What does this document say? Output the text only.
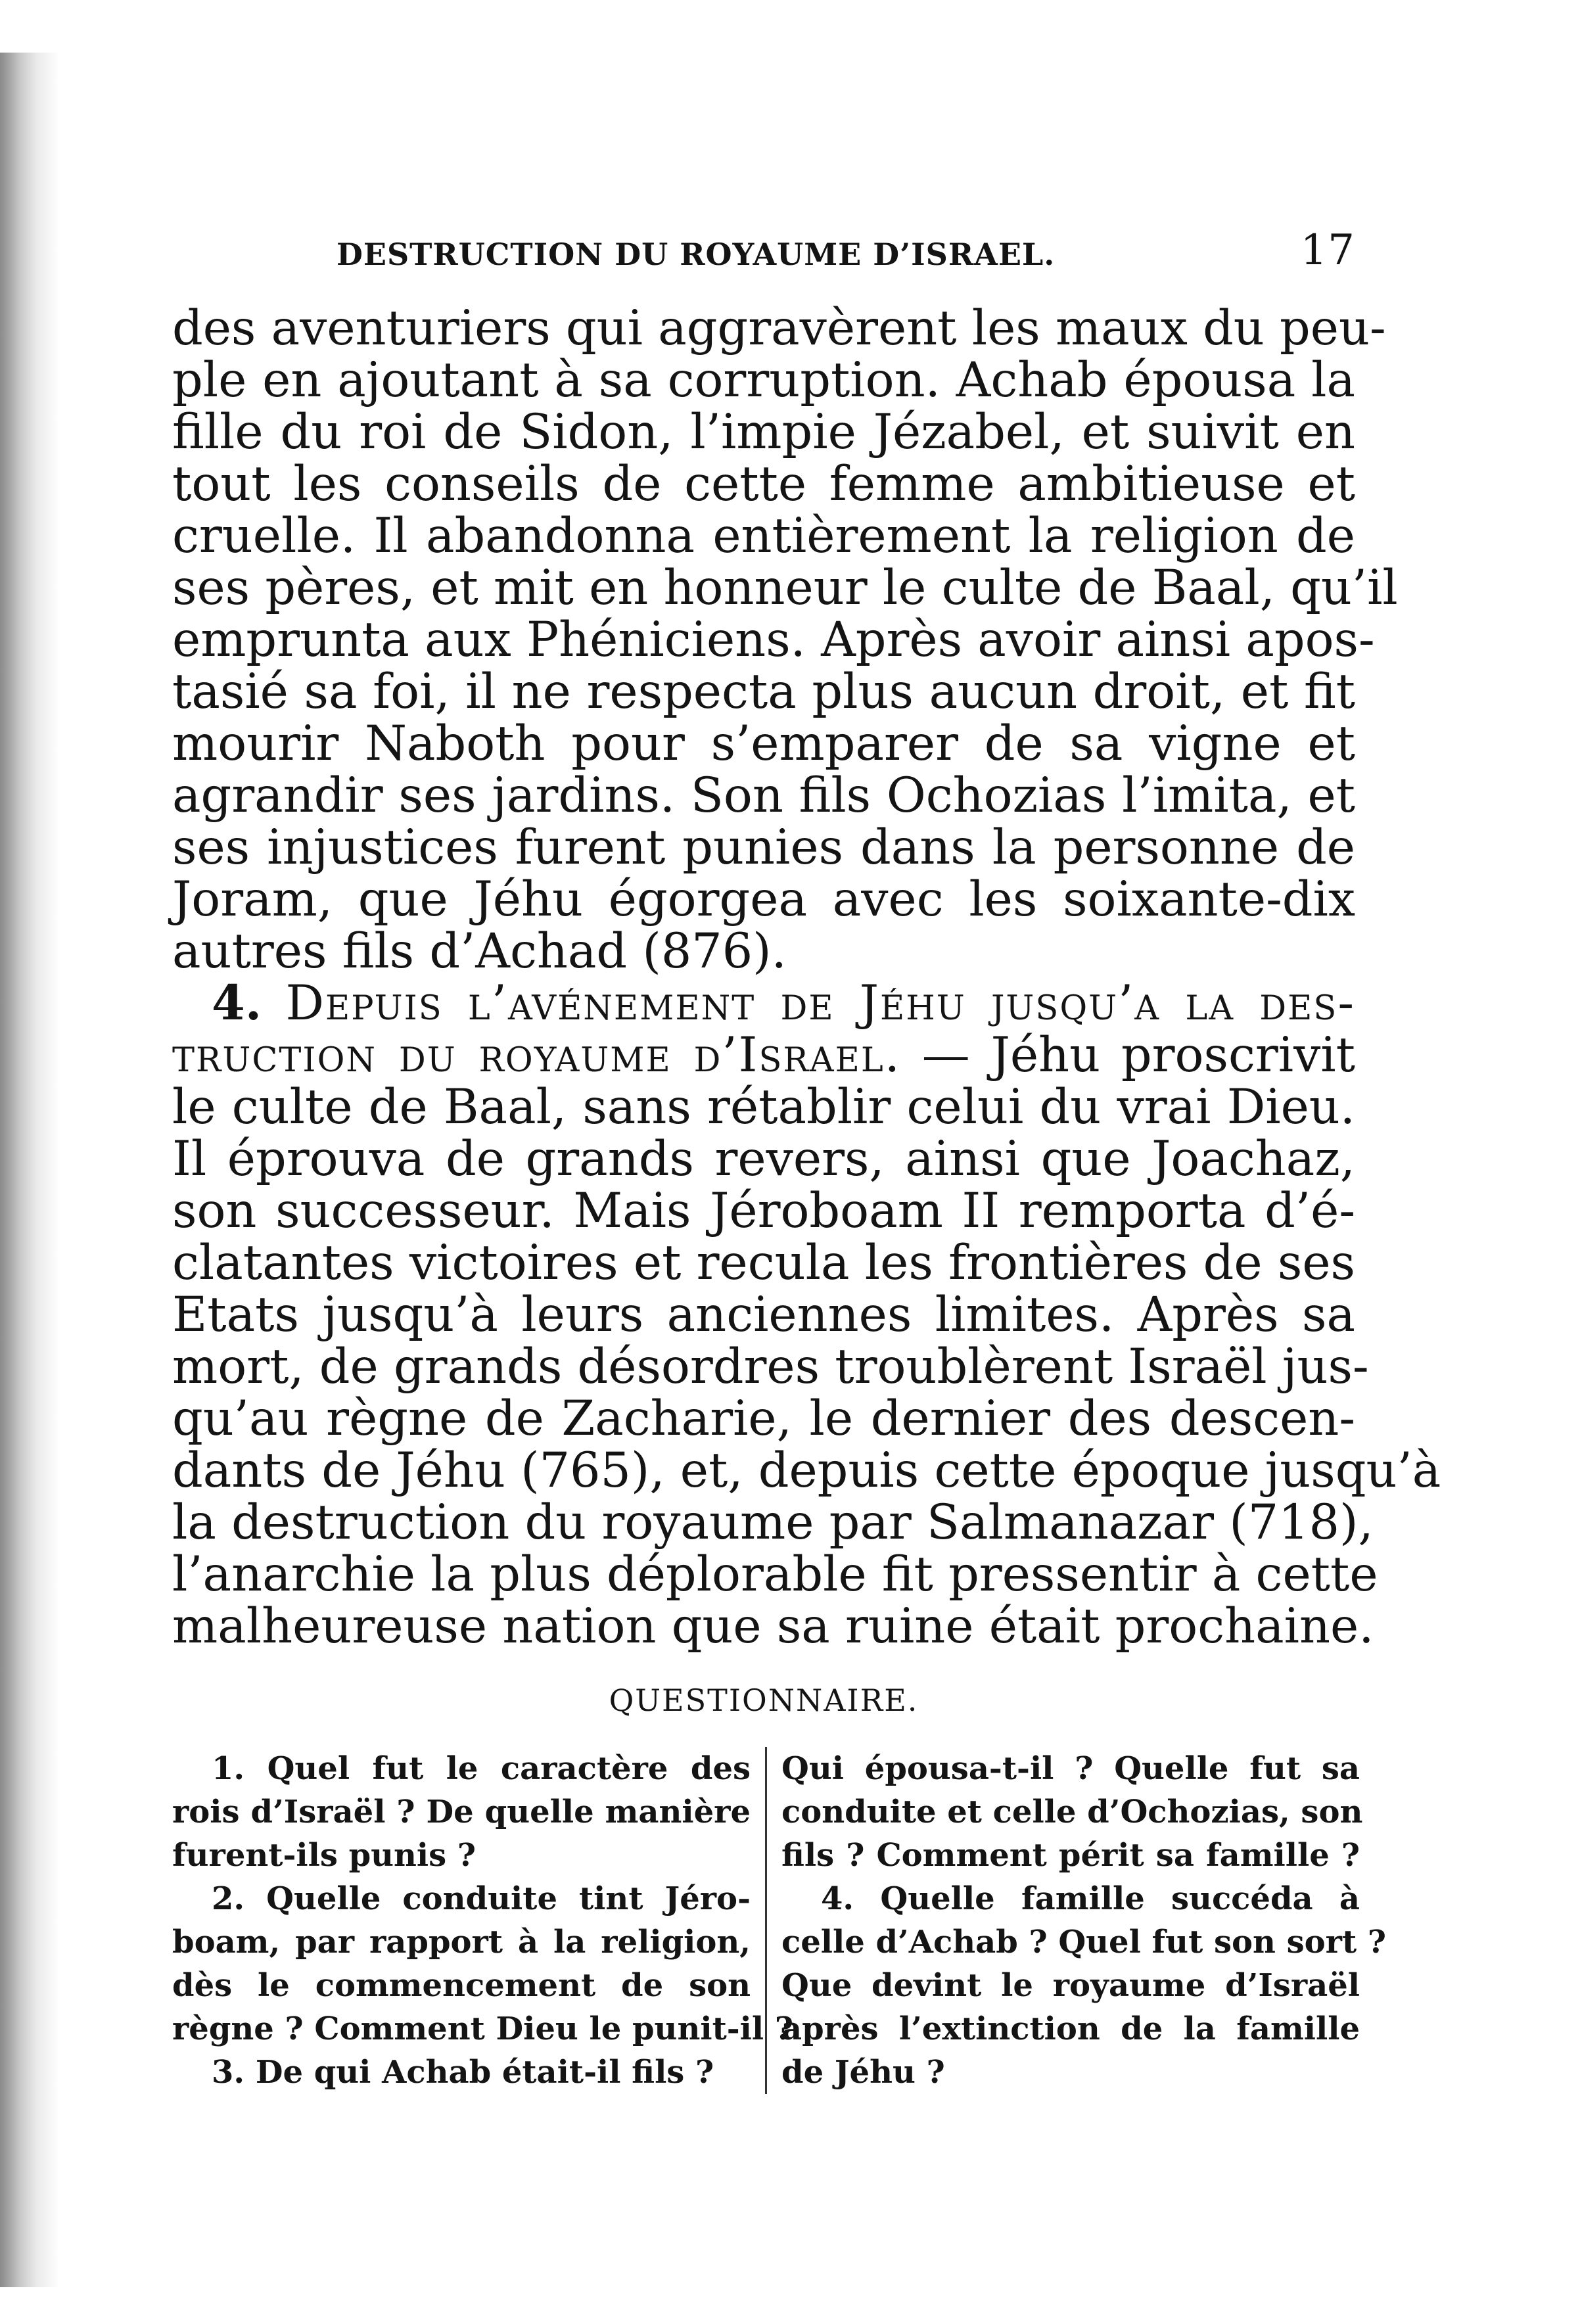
DESTRUCTION DU ROYAUME D’ISRAEL.	17
des aventuriers qui aggravèrent les maux du peu-
ple en ajoutant à sa corruption. Achab épousa la
fille du roi de Sidon, l’impie Jézabel, et suivit en
tout les conseils de cette femme ambitieuse et
cruelle. Il abandonna entièrement la religion de
ses pères, et mit en honneur le culte de Baal, qu’il
emprunta aux Phéniciens. Après avoir ainsi apos-
tasié sa foi, il ne respecta plus aucun droit, et fit
mourir Naboth pour s’emparer de sa vigne et
agrandir ses jardins. Son fils Ochozias l’imita, et
ses injustices furent punies dans la personne de
Joram, que Jéhu égorgea avec les soixante-dix
autres fils d’Achad (876).
4. Depuis l’avénement de Jéhu jusqu’a la des-
truction du royaume d’Israel. — Jéhu proscrivit
le culte de Baal, sans rétablir celui du vrai Dieu.
Il éprouva de grands revers, ainsi que Joachaz,
son successeur. Mais Jéroboam II remporta d’é-
clatantes victoires et recula les frontières de ses
Etats jusqu’à leurs anciennes limites. Après sa
mort, de grands désordres troublèrent Israël jus-
qu’au règne de Zacharie, le dernier des descen-
dants de Jéhu (765), et, depuis cette époque jusqu’à
la destruction du royaume par Salmanazar (718),
l’anarchie la plus déplorable fit pressentir à cette
malheureuse nation que sa ruine était prochaine.
QUESTIONNAIRE.
1. Quel fut le caractère des
rois d’Israël ? De quelle manière
furent-ils punis ?
2. Quelle conduite tint Jéro-
boam, par rapport à la religion,
dès le commencement de son
règne ? Comment Dieu le punit-il ?
3. De qui Achab était-il fils ?
Qui épousa-t-il ? Quelle fut sa
conduite et celle d’Ochozias, son
fils ? Comment périt sa famille ?
4. Quelle famille succéda à
celle d’Achab ? Quel fut son sort ?
Que devint le royaume d’Israël
après l’extinction de la famille
de Jéhu ?
